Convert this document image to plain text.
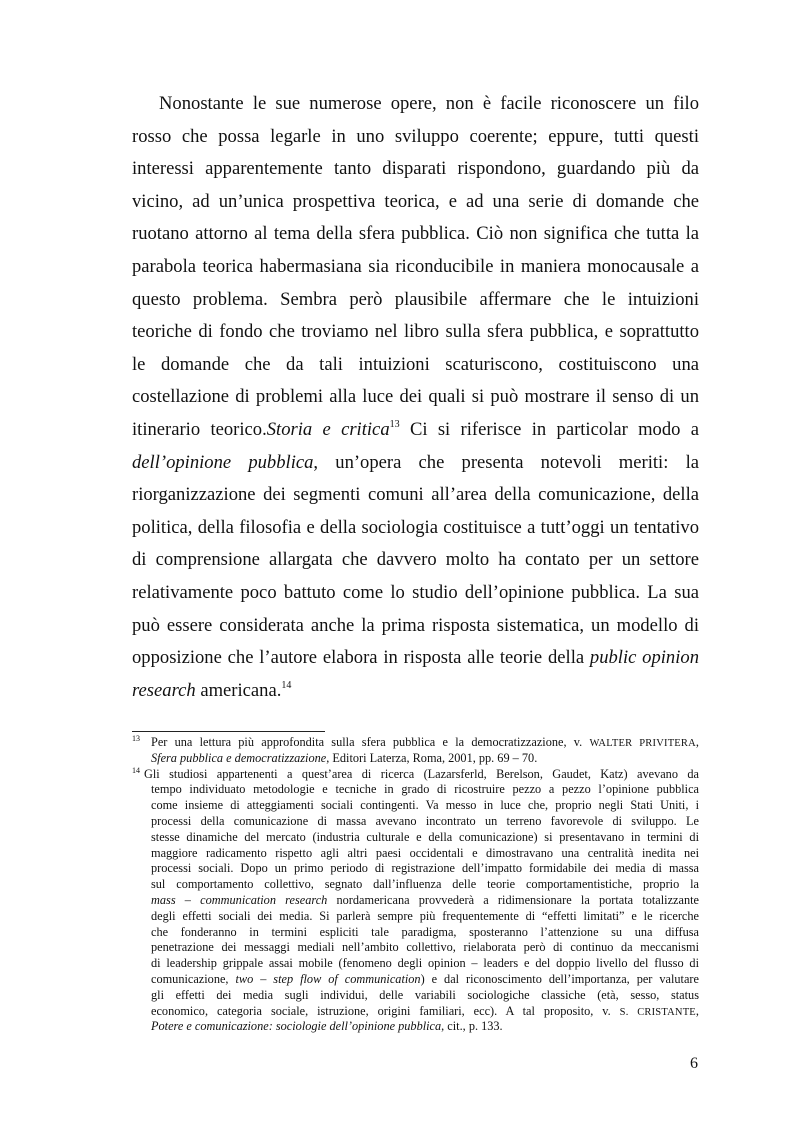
Nonostante le sue numerose opere, non è facile riconoscere un filo
rosso che possa legarle in uno sviluppo coerente; eppure, tutti questi
interessi apparentemente tanto disparati rispondono, guardando più da
vicino, ad un’unica prospettiva teorica, e ad una serie di domande che
ruotano attorno al tema della sfera pubblica. Ciò non significa che tutta la
parabola teorica habermasiana sia riconducibile in maniera monocausale a
questo problema. Sembra però plausibile affermare che le intuizioni
teoriche di fondo che troviamo nel libro sulla sfera pubblica, e soprattutto
le domande che da tali intuizioni scaturiscono, costituiscono una
costellazione di problemi alla luce dei quali si può mostrare il senso di un
itinerario teorico.Storia e critica$^{13}$ Ci si riferisce in particolar modo a
dell’opinione pubblica, un’opera che presenta notevoli meriti: la
riorganizzazione dei segmenti comuni all’area della comunicazione, della
politica, della filosofia e della sociologia costituisce a tutt’oggi un tentativo
di comprensione allargata che davvero molto ha contato per un settore
relativamente poco battuto come lo studio dell’opinione pubblica. La sua
può essere considerata anche la prima risposta sistematica, un modello di
opposizione che l’autore elabora in risposta alle teorie della public opinion
research americana.$^{14}$
13 Per una lettura più approfondita sulla sfera pubblica e la democratizzazione, v. WALTER PRIVITERA,
Sfera pubblica e democratizzazione, Editori Laterza, Roma, 2001, pp. 69 – 70.
14 Gli studiosi appartenenti a quest’area di ricerca (Lazarsferld, Berelson, Gaudet, Katz) avevano da
tempo individuato metodologie e tecniche in grado di ricostruire pezzo a pezzo l’opinione pubblica
come insieme di atteggiamenti sociali contingenti. Va messo in luce che, proprio negli Stati Uniti, i
processi della comunicazione di massa avevano incontrato un terreno favorevole di sviluppo. Le
stesse dinamiche del mercato (industria culturale e della comunicazione) si presentavano in termini di
maggiore radicamento rispetto agli altri paesi occidentali e dimostravano una centralità inedita nei
processi sociali. Dopo un primo periodo di registrazione dell’impatto formidabile dei media di massa
sul comportamento collettivo, segnato dall’influenza delle teorie comportamentistiche, proprio la
mass – communication research nordamericana provvederà a ridimensionare la portata totalizzante
degli effetti sociali dei media. Si parlerà sempre più frequentemente di “effetti limitati” e le ricerche
che fonderanno in termini espliciti tale paradigma, sposteranno l’attenzione su una diffusa
penetrazione dei messaggi mediali nell’ambito collettivo, rielaborata però di continuo da meccanismi
di leadership grippale assai mobile (fenomeno degli opinion – leaders e del doppio livello del flusso di
comunicazione, two – step flow of communication) e dal riconoscimento dell’importanza, per valutare
gli effetti dei media sugli individui, delle variabili sociologiche classiche (età, sesso, status
economico, categoria sociale, istruzione, origini familiari, ecc). A tal proposito, v. S. CRISTANTE,
Potere e comunicazione: sociologie dell’opinione pubblica, cit., p. 133.
6
